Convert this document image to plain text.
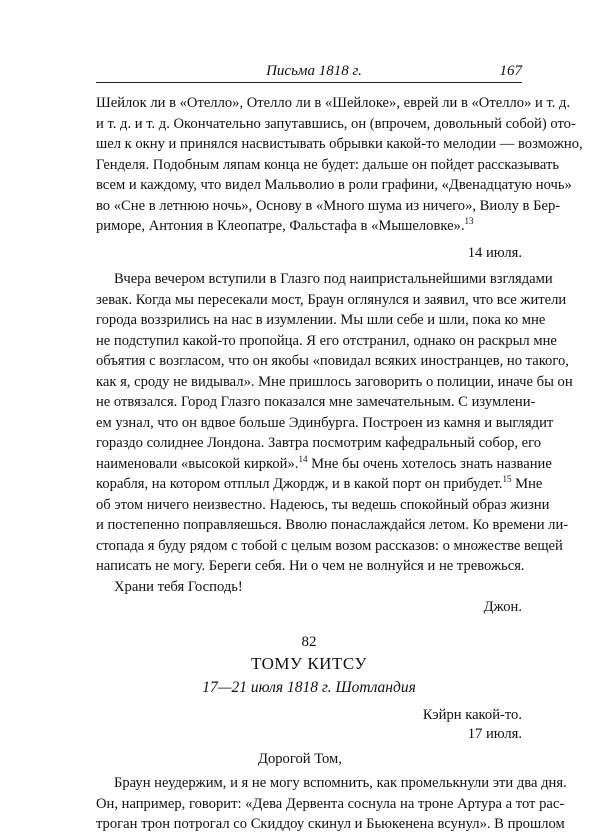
Письма 1818 г.	167
Шейлок ли в «Отелло», Отелло ли в «Шейлоке», еврей ли в «Отелло» и т. д.
и т. д. и т. д. Окончательно запутавшись, он (впрочем, довольный собой) ото-
шел к окну и принялся насвистывать обрывки какой-то мелодии — возможно,
Генделя. Подобным ляпам конца не будет: дальше он пойдет рассказывать
всем и каждому, что видел Мальволио в роли графини, «Двенадцатую ночь»
во «Сне в летнюю ночь», Основу в «Много шума из ничего», Виолу в Бер-
риморе, Антония в Клеопатре, Фальстафа в «Мышеловке».$^{13}$
14 июля.
Вчера вечером вступили в Глазго под наипристальнейшими взглядами
зевак. Когда мы пересекали мост, Браун оглянулся и заявил, что все жители
города воззрились на нас в изумлении. Мы шли себе и шли, пока ко мне
не подступил какой-то пропойца. Я его отстранил, однако он раскрыл мне
объятия с возгласом, что он якобы «повидал всяких иностранцев, но такого,
как я, сроду не видывал». Мне пришлось заговорить о полиции, иначе бы он
не отвязался. Город Глазго показался мне замечательным. С изумлени-
ем узнал, что он вдвое больше Эдинбурга. Построен из камня и выглядит
гораздо солиднее Лондона. Завтра посмотрим кафедральный собор, его
наименовали «высокой киркой».$^{14}$ Мне бы очень хотелось знать название
корабля, на котором отплыл Джордж, и в какой порт он прибудет.$^{15}$ Мне
об этом ничего неизвестно. Надеюсь, ты ведешь спокойный образ жизни
и постепенно поправляешься. Вволю понаслаждайся летом. Ко времени ли-
стопада я буду рядом с тобой с целым возом рассказов: о множестве вещей
написать не могу. Береги себя. Ни о чем не волнуйся и не тревожься.
Храни тебя Господь!
Джон.
82
ТОМУ КИТСУ
17—21 июля 1818 г. Шотландия
Кэйрн какой-то.
17 июля.
Дорогой Том,
Браун неудержим, и я не могу вспомнить, как промелькнули эти два дня.
Он, например, говорит: «Дева Дервента соснула на троне Артура а тот рас-
троган трон потрогал со Скиддоу скинул и Бьюкенена всунул». В прошлом
